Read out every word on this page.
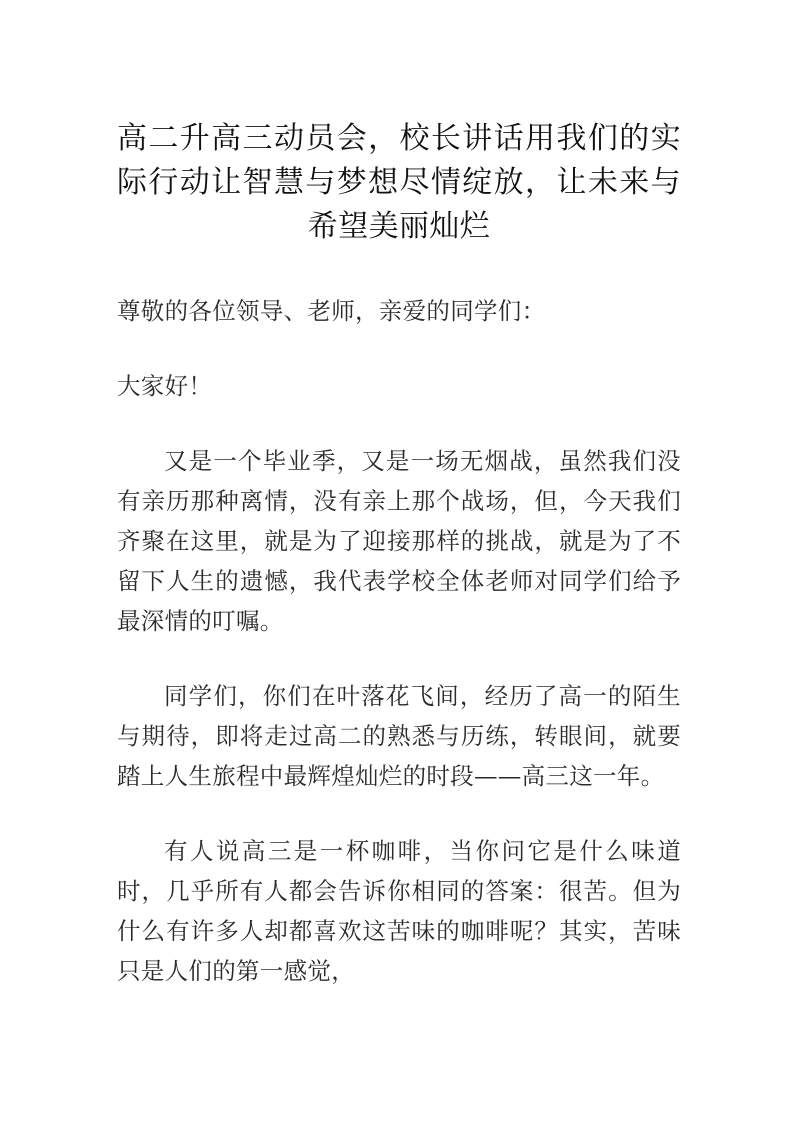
高二升高三动员会，校长讲话用我们的实际行动让智慧与梦想尽情绽放，让未来与希望美丽灿烂

尊敬的各位领导、老师，亲爱的同学们：

大家好！

又是一个毕业季，又是一场无烟战，虽然我们没有亲历那种离情，没有亲上那个战场，但，今天我们齐聚在这里，就是为了迎接那样的挑战，就是为了不留下人生的遗憾，我代表学校全体老师对同学们给予最深情的叮嘱。

同学们，你们在叶落花飞间，经历了高一的陌生与期待，即将走过高二的熟悉与历练，转眼间，就要踏上人生旅程中最辉煌灿烂的时段——高三这一年。

有人说高三是一杯咖啡，当你问它是什么味道时，几乎所有人都会告诉你相同的答案：很苦。但为什么有许多人却都喜欢这苦味的咖啡呢？其实，苦味只是人们的第一感觉，
